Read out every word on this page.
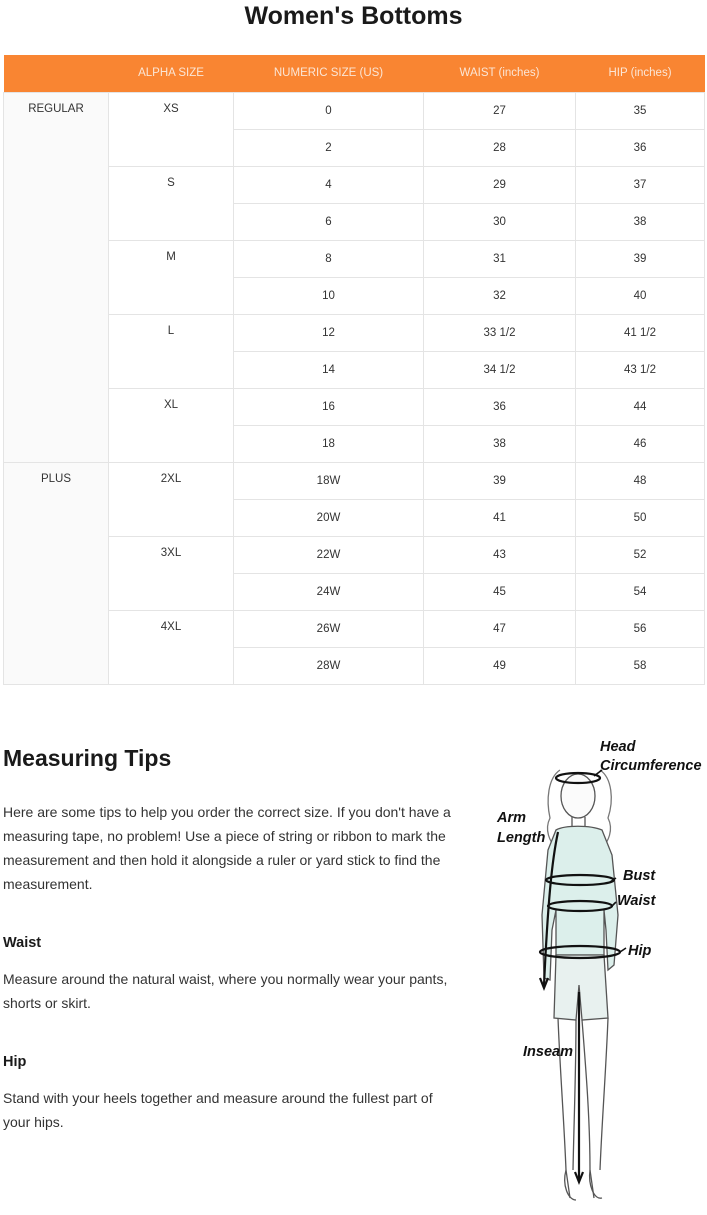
Women's Bottoms
	ALPHA SIZE	NUMERIC SIZE (US)	WAIST (inches)	HIP (inches)
REGULAR	XS	0	27	35
		2	28	36
	S	4	29	37
		6	30	38
	M	8	31	39
		10	32	40
	L	12	33 1/2	41 1/2
		14	34 1/2	43 1/2
	XL	16	36	44
		18	38	46
PLUS	2XL	18W	39	48
		20W	41	50
	3XL	22W	43	52
		24W	45	54
	4XL	26W	47	56
		28W	49	58
Measuring Tips
Here are some tips to help you order the correct size. If you don't have a measuring tape, no problem! Use a piece of string or ribbon to mark the measurement and then hold it alongside a ruler or yard stick to find the measurement.
Waist
Measure around the natural waist, where you normally wear your pants, shorts or skirt.
Hip
Stand with your heels together and measure around the fullest part of your hips.
Head
Circumference
Arm
Length
Bust
Waist
Hip
Inseam
